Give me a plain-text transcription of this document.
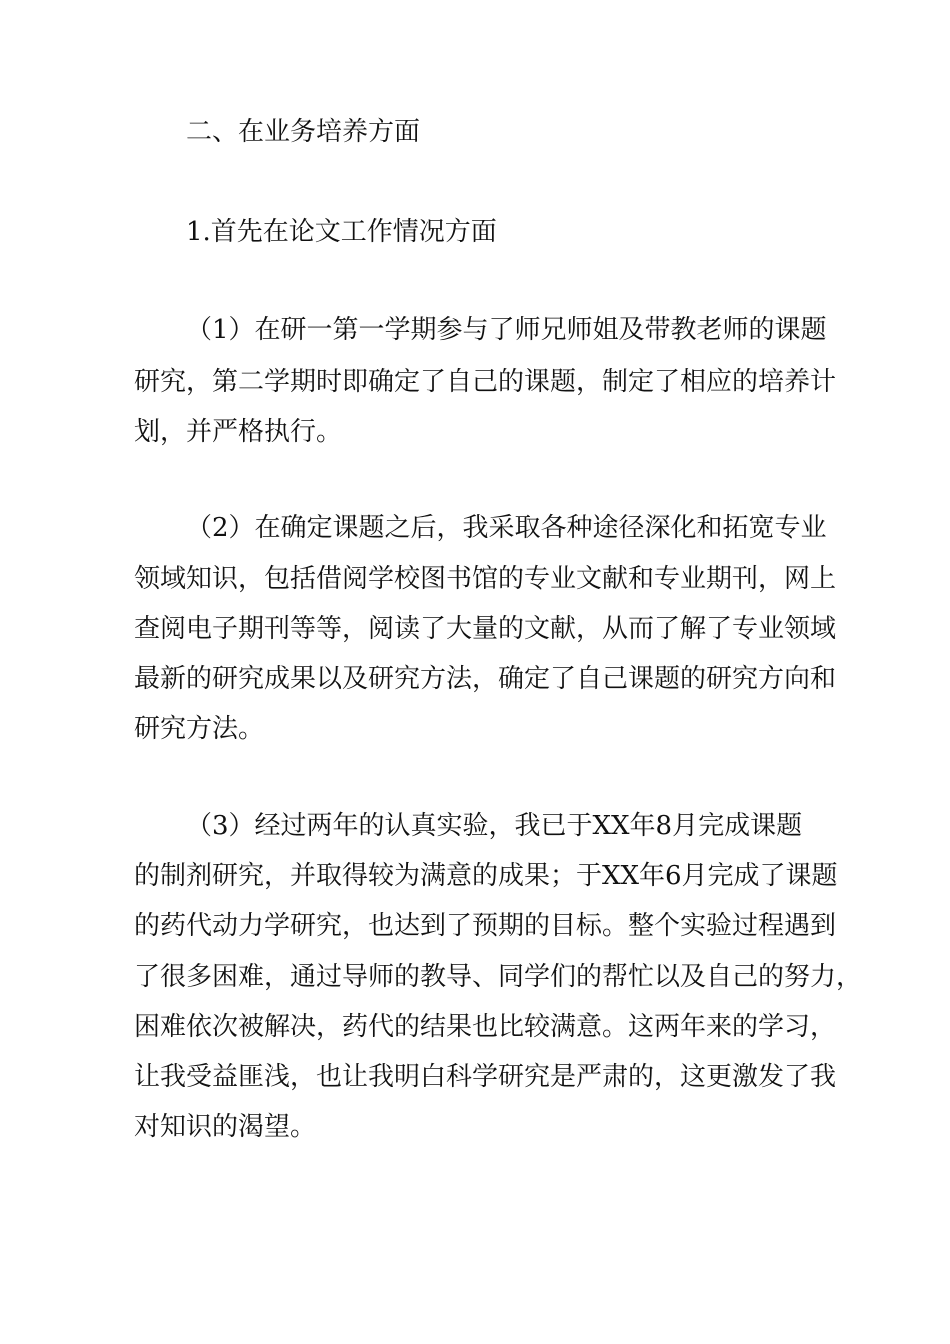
二、在业务培养方面
1.首先在论文工作情况方面
（1）在研一第一学期参与了师兄师姐及带教老师的课题
研究，第二学期时即确定了自己的课题，制定了相应的培养计
划，并严格执行。
（2）在确定课题之后，我采取各种途径深化和拓宽专业
领域知识，包括借阅学校图书馆的专业文献和专业期刊，网上
查阅电子期刊等等，阅读了大量的文献，从而了解了专业领域
最新的研究成果以及研究方法，确定了自己课题的研究方向和
研究方法。
（3）经过两年的认真实验，我已于XX年8月完成课题
的制剂研究，并取得较为满意的成果；于XX年6月完成了课题
的药代动力学研究，也达到了预期的目标。整个实验过程遇到
了很多困难，通过导师的教导、同学们的帮忙以及自己的努力，
困难依次被解决，药代的结果也比较满意。这两年来的学习，
让我受益匪浅，也让我明白科学研究是严肃的，这更激发了我
对知识的渴望。
